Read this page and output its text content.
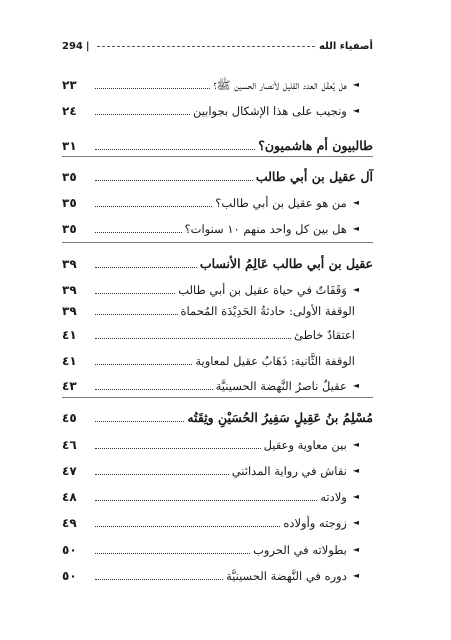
294 |	أصفياء الله
◄
هل يُعقَل العدد القليل لأنصار الحسين ﷺ؟
٢٣
◄
ونجيب على هذا الإشكال بجوابين
٢٤
طالبيون أم هاشميون؟
٣١
آل عقيل بن أبي طالب
٣٥
◄
من هو عقيل بن أبي طالب؟
٣٥
◄
هل بين كل واحد منهم ١٠ سنوات؟
٣٥
عقيل بن أبي طالب عَالِمُ الأنساب
٣٩
◄
وَقَفَاتٌ في حياة عقيل بن أبي طالب
٣٩
الوقفة الأولى: حادثةُ الحَدِيْدَة المُحماة
٣٩
اعتقادٌ خاطئ
٤١
الوقفة الثَّانية: ذَهَابُ عقيل لمعاوية
٤١
◄
عقيلٌ ناصرُ النَّهضة الحسينيَّة
٤٣
مُسْلِمُ بنُ عَقِيلٍ سَفِيرُ الحُسَيْنِ وثِقَتُه
٤٥
◄
بين معاوية وعقيل
٤٦
◄
نقاش في رواية المدائني
٤٧
◄
ولادته
٤٨
◄
زوجته وأولاده
٤٩
◄
بطولاته في الحروب
٥٠
◄
دوره في النَّهضة الحسينيَّة
٥٠
